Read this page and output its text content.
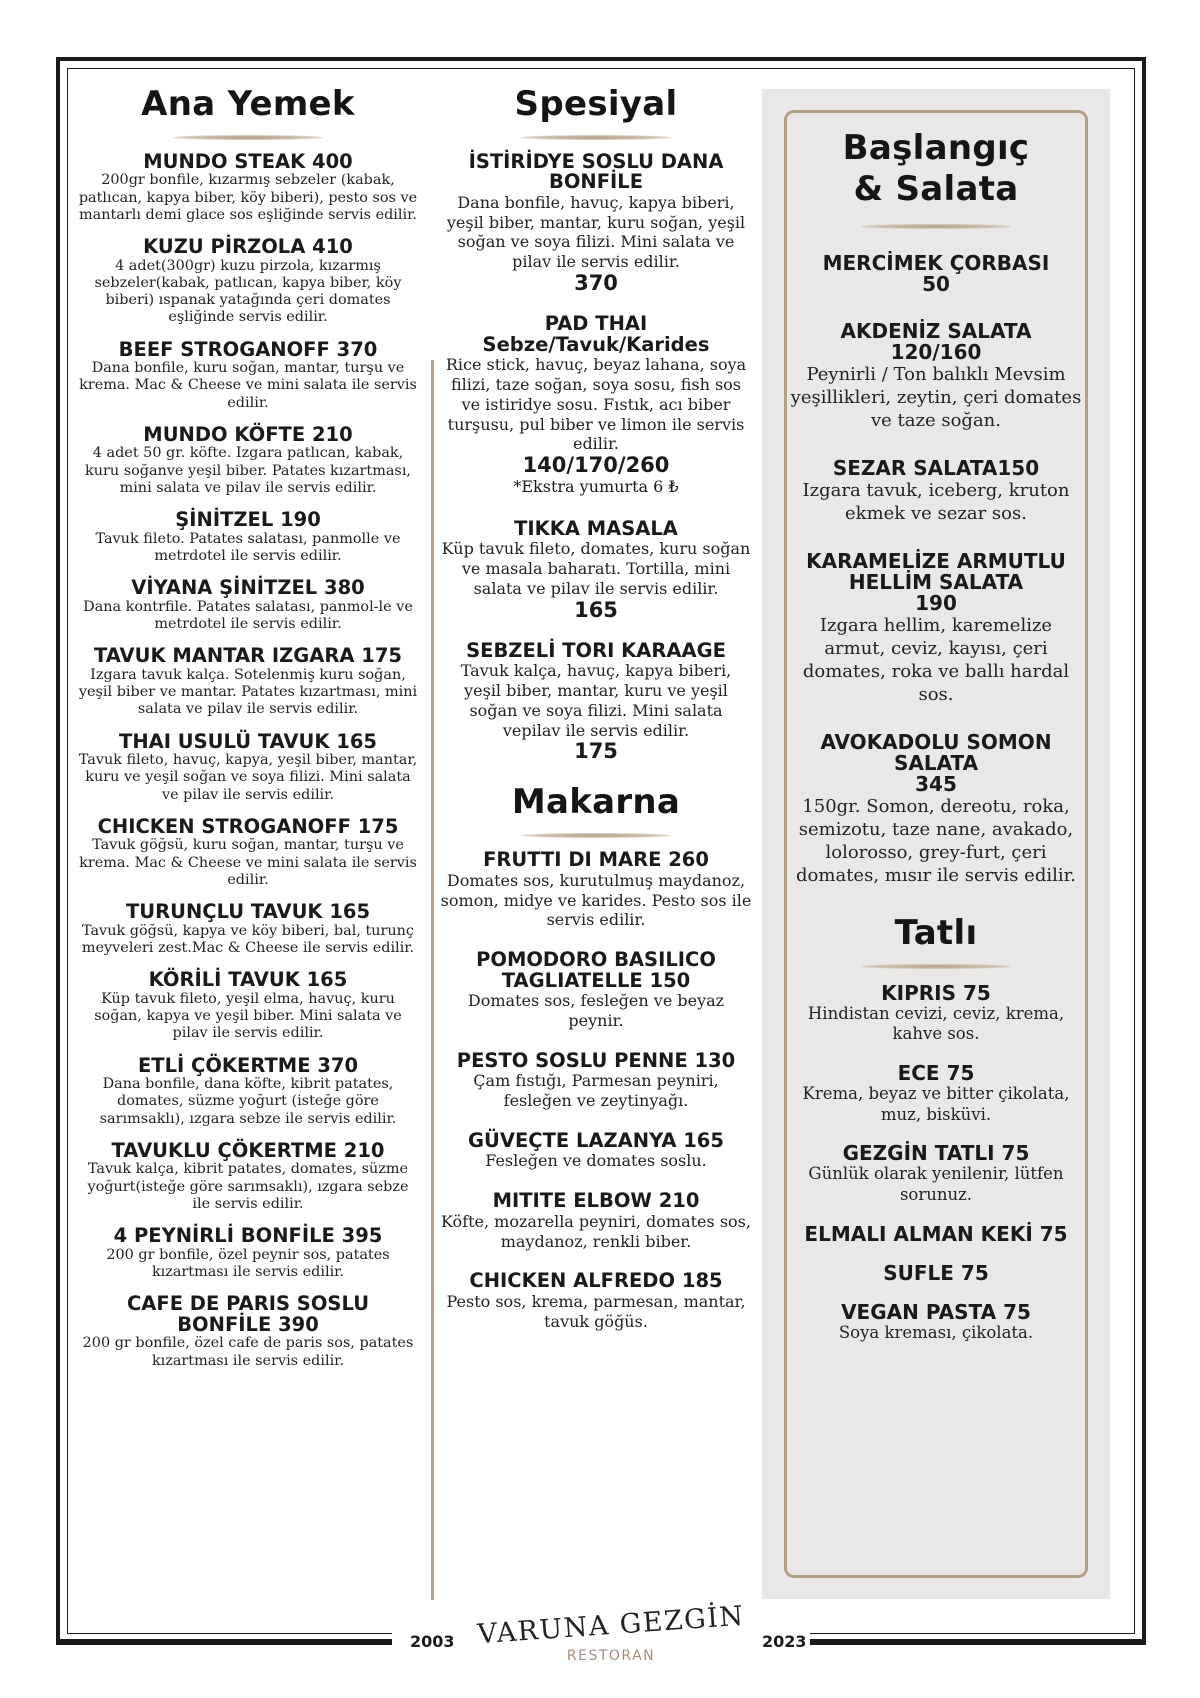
Ana Yemek
MUNDO STEAK 400
200gr bonfile, kızarmış sebzeler (kabak, patlıcan, kapya biber, köy biberi), pesto sos ve mantarlı demi glace sos eşliğinde servis edilir.
KUZU PİRZOLA 410
4 adet(300gr) kuzu pirzola, kızarmış sebzeler(kabak, patlıcan, kapya biber, köy biberi) ıspanak yatağında çeri domates eşliğinde servis edilir.
BEEF STROGANOFF 370
Dana bonfile, kuru soğan, mantar, turşu ve krema. Mac & Cheese ve mini salata ile servis edilir.
MUNDO KÖFTE 210
4 adet 50 gr. köfte. Izgara patlıcan, kabak, kuru soğanve yeşil biber. Patates kızartması, mini salata ve pilav ile servis edilir.
ŞİNİTZEL 190
Tavuk fileto. Patates salatası, panmolle ve metrdotel ile servis edilir.
VİYANA ŞİNİTZEL 380
Dana kontrfile. Patates salatası, panmol-le ve metrdotel ile servis edilir.
TAVUK MANTAR IZGARA 175
Izgara tavuk kalça. Sotelenmiş kuru soğan, yeşil biber ve mantar. Patates kızartması, mini salata ve pilav ile servis edilir.
THAI USULÜ TAVUK 165
Tavuk fileto, havuç, kapya, yeşil biber, mantar, kuru ve yeşil soğan ve soya filizi. Mini salata ve pilav ile servis edilir.
CHICKEN STROGANOFF 175
Tavuk göğsü, kuru soğan, mantar, turşu ve krema. Mac & Cheese ve mini salata ile servis edilir.
TURUNÇLU TAVUK 165
Tavuk göğsü, kapya ve köy biberi, bal, turunç meyveleri zest.Mac & Cheese ile servis edilir.
KÖRİLİ TAVUK 165
Küp tavuk fileto, yeşil elma, havuç, kuru soğan, kapya ve yeşil biber. Mini salata ve pilav ile servis edilir.
ETLİ ÇÖKERTME 370
Dana bonfile, dana köfte, kibrit patates, domates, süzme yoğurt (isteğe göre sarımsaklı), ızgara sebze ile servis edilir.
TAVUKLU ÇÖKERTME 210
Tavuk kalça, kibrit patates, domates, süzme yoğurt(isteğe göre sarımsaklı), ızgara sebze ile servis edilir.
4 PEYNİRLİ BONFİLE 395
200 gr bonfile, özel peynir sos, patates kızartması ile servis edilir.
CAFE DE PARIS SOSLU BONFİLE 390
200 gr bonfile, özel cafe de paris sos, patates kızartması ile servis edilir.
Spesiyal
İSTİRİDYE SOSLU DANA BONFİLE
Dana bonfile, havuç, kapya biberi, yeşil biber, mantar, kuru soğan, yeşil soğan ve soya filizi. Mini salata ve pilav ile servis edilir.
370
PAD THAI
Sebze/Tavuk/Karides
Rice stick, havuç, beyaz lahana, soya filizi, taze soğan, soya sosu, fish sos ve istiridye sosu. Fıstık, acı biber turşusu, pul biber ve limon ile servis edilir.
140/170/260
*Ekstra yumurta 6 ₺
TIKKA MASALA
Küp tavuk fileto, domates, kuru soğan ve masala baharatı. Tortilla, mini salata ve pilav ile servis edilir.
165
SEBZELİ TORI KARAAGE
Tavuk kalça, havuç, kapya biberi, yeşil biber, mantar, kuru ve yeşil soğan ve soya filizi. Mini salata vepilav ile servis edilir.
175
Makarna
FRUTTI DI MARE 260
Domates sos, kurutulmuş maydanoz, somon, midye ve karides. Pesto sos ile servis edilir.
POMODORO BASILICO TAGLIATELLE 150
Domates sos, fesleğen ve beyaz peynir.
PESTO SOSLU PENNE 130
Çam fıstığı, Parmesan peyniri, fesleğen ve zeytinyağı.
GÜVEÇTE LAZANYA 165
Fesleğen ve domates soslu.
MITITE ELBOW 210
Köfte, mozarella peyniri, domates sos, maydanoz, renkli biber.
CHICKEN ALFREDO 185
Pesto sos, krema, parmesan, mantar, tavuk göğüs.
Başlangıç
& Salata
MERCİMEK ÇORBASI
50
AKDENİZ SALATA
120/160
Peynirli / Ton balıklı Mevsim yeşillikleri, zeytin, çeri domates ve taze soğan.
SEZAR SALATA150
Izgara tavuk, iceberg, kruton ekmek ve sezar sos.
KARAMELİZE ARMUTLU HELLİM SALATA
190
Izgara hellim, karemelize armut, ceviz, kayısı, çeri domates, roka ve ballı hardal sos.
AVOKADOLU SOMON SALATA
345
150gr. Somon, dereotu, roka, semizotu, taze nane, avakado, lolorosso, grey-furt, çeri domates, mısır ile servis edilir.
Tatlı
KIPRIS 75
Hindistan cevizi, ceviz, krema, kahve sos.
ECE 75
Krema, beyaz ve bitter çikolata, muz, bisküvi.
GEZGİN TATLI 75
Günlük olarak yenilenir, lütfen sorunuz.
ELMALI ALMAN KEKİ 75
SUFLE 75
VEGAN PASTA 75
Soya kreması, çikolata.
2003	2023
VARUNA GEZGİN
RESTORAN
